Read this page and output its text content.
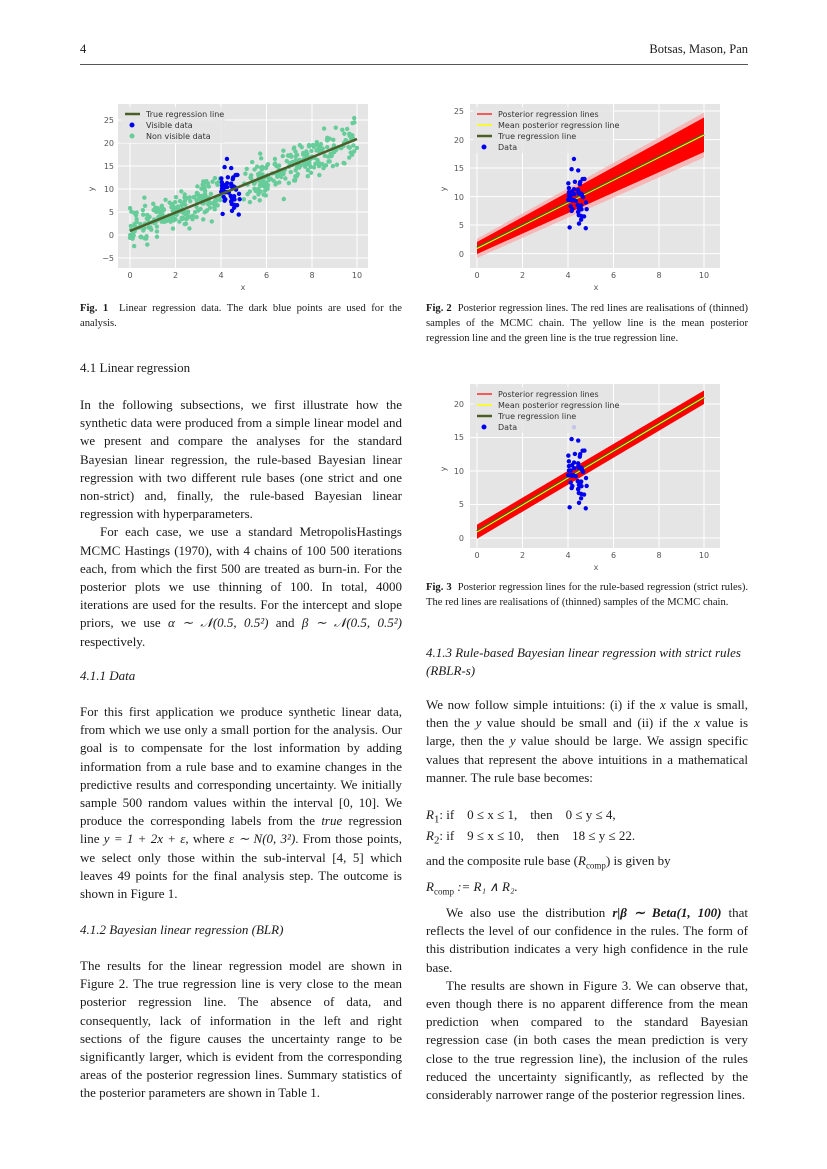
4	Botsas, Mason, Pan
25
20
15
10
5
0
−5
0	2	4	6	8	10
x
y
True regression line
Visible data
Non visible data
Fig. 1 Linear regression data. The dark blue points are used for the analysis.
25
20
15
10
5
0
0	2	4	6	8	10
x
y
Posterior regression lines
Mean posterior regression line
True regression line
Data
Fig. 2 Posterior regression lines. The red lines are realisations of (thinned) samples of the MCMC chain. The yellow line is the mean posterior regression line and the green line is the true regression line.
20
15
10
5
0
0	2	4	6	8	10
x
y
Posterior regression lines
Mean posterior regression line
True regression line
Data
Fig. 3 Posterior regression lines for the rule-based regression (strict rules). The red lines are realisations of (thinned) samples of the MCMC chain.
4.1 Linear regression

In the following subsections, we first illustrate how the synthetic data were produced from a simple linear model and we present and compare the analyses for the standard Bayesian linear regression, the rule-based Bayesian linear regression with two different rule bases (one strict and one non-strict) and, finally, the rule-based Bayesian linear regression with hyperparameters.

For each case, we use a standard MetropolisHastings MCMC Hastings (1970), with 4 chains of 100 500 iterations each, from which the first 500 are treated as burn-in. For the posterior plots we use thinning of 100. In total, 4000 iterations are used for the results. For the intercept and slope priors, we use α ∼ 𝒩(0.5, 0.5²) and β ∼ 𝒩(0.5, 0.5²) respectively.

4.1.1 Data

For this first application we produce synthetic linear data, from which we use only a small portion for the analysis. Our goal is to compensate for the lost information by adding information from a rule base and to examine changes in the predictive results and corresponding uncertainty. We initially sample 500 random values within the interval [0, 10]. We produce the corresponding labels from the true regression line y = 1 + 2x + ε, where ε ∼ N(0, 3²). From those points, we select only those within the sub-interval [4, 5] which leaves 49 points for the final analysis step. The outcome is shown in Figure 1.

4.1.2 Bayesian linear regression (BLR)

The results for the linear regression model are shown in Figure 2. The true regression line is very close to the mean posterior regression line. The absence of data, and consequently, lack of information in the left and right sections of the figure causes the uncertainty range to be significantly larger, which is evident from the corresponding areas of the posterior regression lines. Summary statistics of the posterior parameters are shown in Table 1.

4.1.3 Rule-based Bayesian linear regression with strict rules (RBLR-s)

We now follow simple intuitions: (i) if the x value is small, then the y value should be small and (ii) if the x value is large, then the y value should be large. We assign specific values that represent the above intuitions in a mathematical manner. The rule base becomes:

$R_1$: if    0 ≤ x ≤ 1,    then    0 ≤ y ≤ 4,
$R_2$: if    9 ≤ x ≤ 10,    then    18 ≤ y ≤ 22.
and the composite rule base $(R_{comp})$ is given by
$R_{comp}$ := R₁ ∧ R₂.

We also use the distribution r|β ∼ Beta(1, 100) that reflects the level of our confidence in the rules. The form of this distribution indicates a very high confidence in the rule base.

The results are shown in Figure 3. We can observe that, even though there is no apparent difference from the mean prediction when compared to the standard Bayesian regression case (in both cases the mean prediction is very close to the true regression line), the inclusion of the rules reduced the uncertainty significantly, as reflected by the considerably narrower range of the posterior regression lines.
